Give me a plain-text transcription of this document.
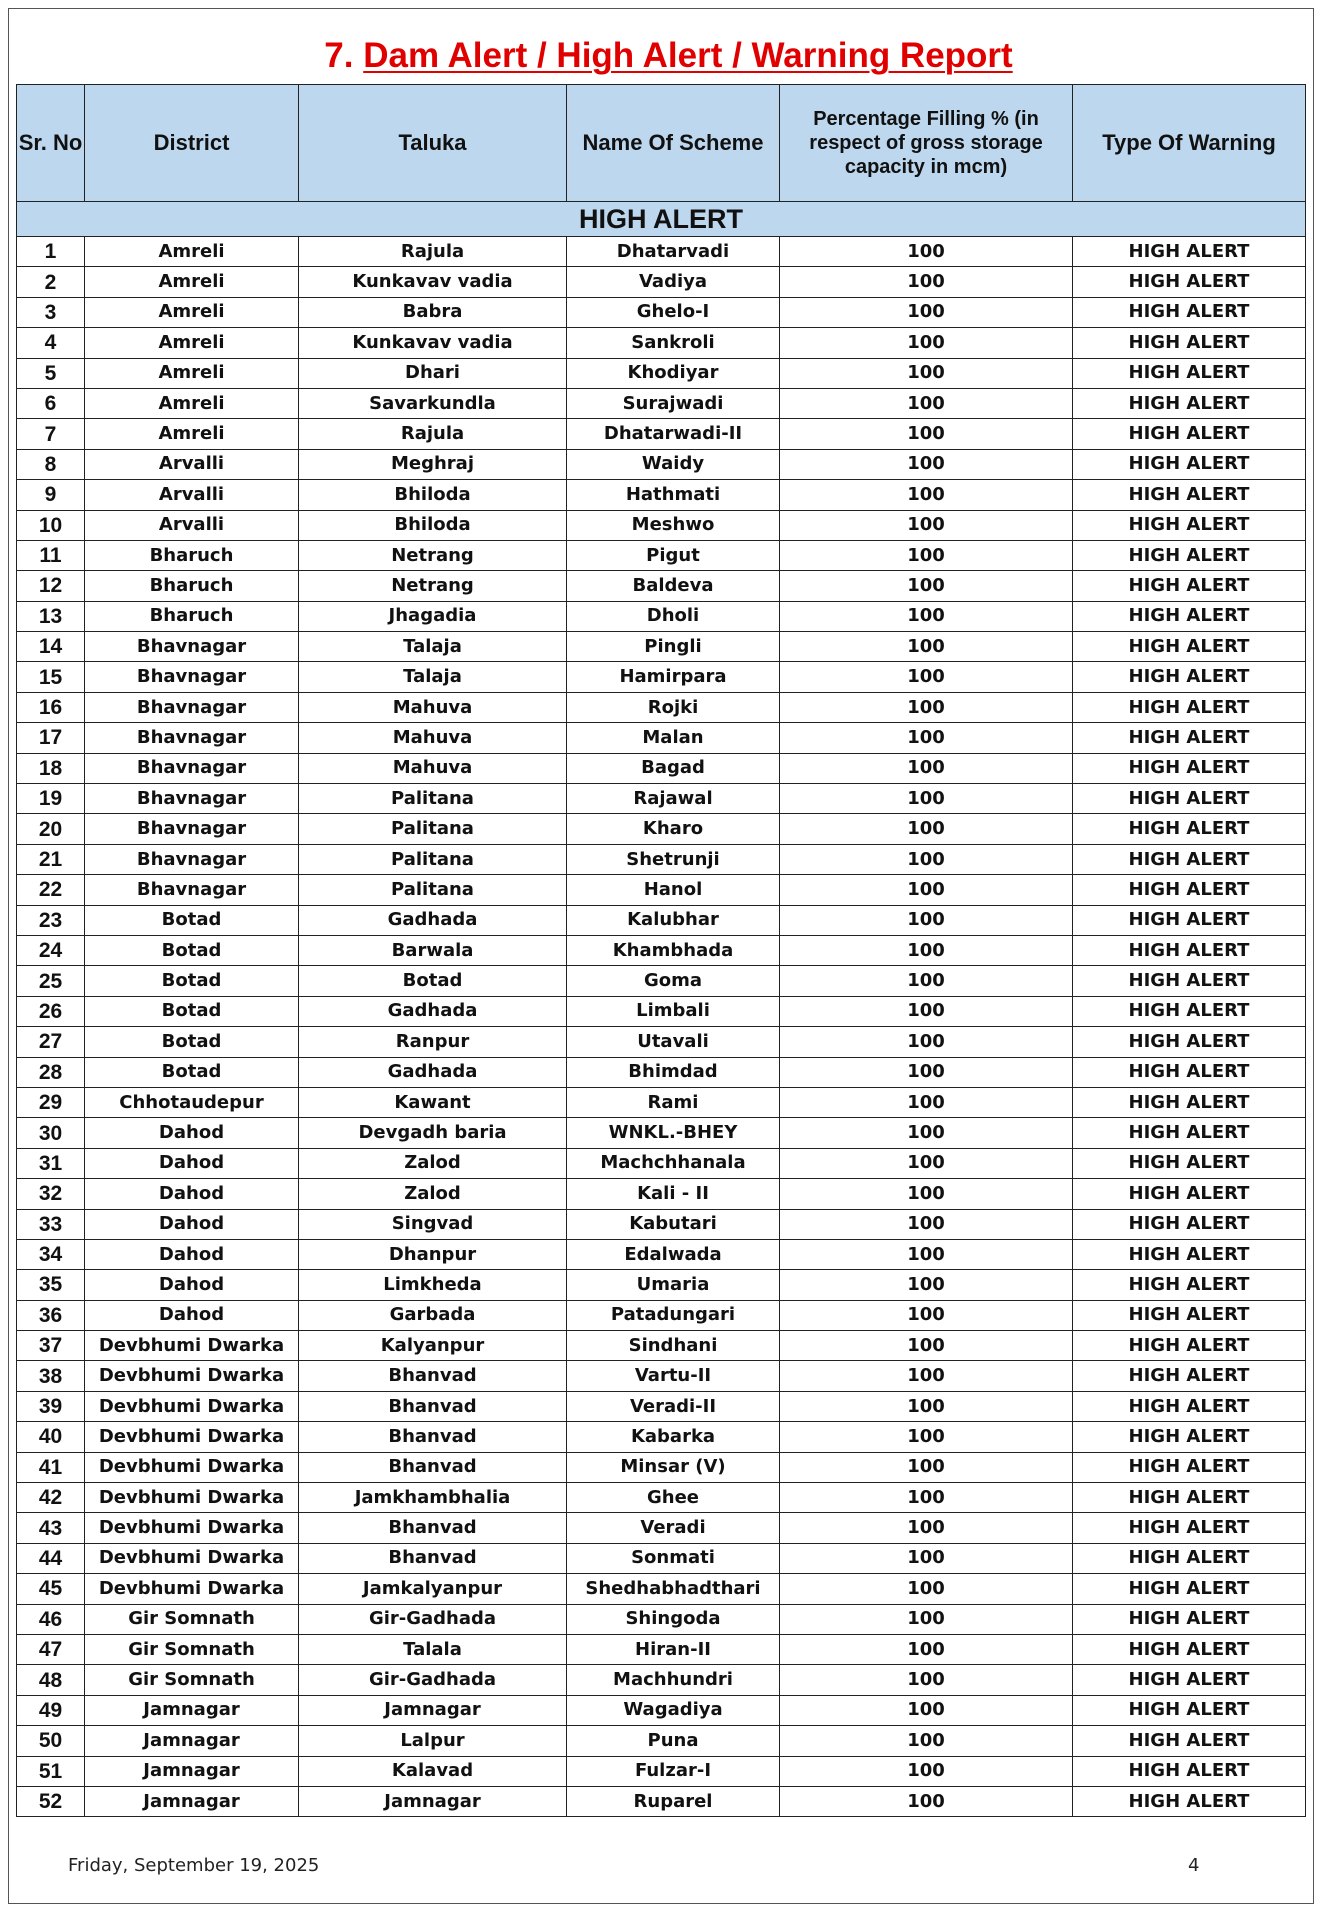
7. Dam Alert / High Alert / Warning Report
Sr. No	District	Taluka	Name Of Scheme	Percentage Filling % (in respect of gross storage capacity in mcm)	Type Of Warning
HIGH ALERT					
1	Amreli	Rajula	Dhatarvadi	100	HIGH ALERT
2	Amreli	Kunkavav vadia	Vadiya	100	HIGH ALERT
3	Amreli	Babra	Ghelo-I	100	HIGH ALERT
4	Amreli	Kunkavav vadia	Sankroli	100	HIGH ALERT
5	Amreli	Dhari	Khodiyar	100	HIGH ALERT
6	Amreli	Savarkundla	Surajwadi	100	HIGH ALERT
7	Amreli	Rajula	Dhatarwadi-II	100	HIGH ALERT
8	Arvalli	Meghraj	Waidy	100	HIGH ALERT
9	Arvalli	Bhiloda	Hathmati	100	HIGH ALERT
10	Arvalli	Bhiloda	Meshwo	100	HIGH ALERT
11	Bharuch	Netrang	Pigut	100	HIGH ALERT
12	Bharuch	Netrang	Baldeva	100	HIGH ALERT
13	Bharuch	Jhagadia	Dholi	100	HIGH ALERT
14	Bhavnagar	Talaja	Pingli	100	HIGH ALERT
15	Bhavnagar	Talaja	Hamirpara	100	HIGH ALERT
16	Bhavnagar	Mahuva	Rojki	100	HIGH ALERT
17	Bhavnagar	Mahuva	Malan	100	HIGH ALERT
18	Bhavnagar	Mahuva	Bagad	100	HIGH ALERT
19	Bhavnagar	Palitana	Rajawal	100	HIGH ALERT
20	Bhavnagar	Palitana	Kharo	100	HIGH ALERT
21	Bhavnagar	Palitana	Shetrunji	100	HIGH ALERT
22	Bhavnagar	Palitana	Hanol	100	HIGH ALERT
23	Botad	Gadhada	Kalubhar	100	HIGH ALERT
24	Botad	Barwala	Khambhada	100	HIGH ALERT
25	Botad	Botad	Goma	100	HIGH ALERT
26	Botad	Gadhada	Limbali	100	HIGH ALERT
27	Botad	Ranpur	Utavali	100	HIGH ALERT
28	Botad	Gadhada	Bhimdad	100	HIGH ALERT
29	Chhotaudepur	Kawant	Rami	100	HIGH ALERT
30	Dahod	Devgadh baria	WNKL.-BHEY	100	HIGH ALERT
31	Dahod	Zalod	Machchhanala	100	HIGH ALERT
32	Dahod	Zalod	Kali - II	100	HIGH ALERT
33	Dahod	Singvad	Kabutari	100	HIGH ALERT
34	Dahod	Dhanpur	Edalwada	100	HIGH ALERT
35	Dahod	Limkheda	Umaria	100	HIGH ALERT
36	Dahod	Garbada	Patadungari	100	HIGH ALERT
37	Devbhumi Dwarka	Kalyanpur	Sindhani	100	HIGH ALERT
38	Devbhumi Dwarka	Bhanvad	Vartu-II	100	HIGH ALERT
39	Devbhumi Dwarka	Bhanvad	Veradi-II	100	HIGH ALERT
40	Devbhumi Dwarka	Bhanvad	Kabarka	100	HIGH ALERT
41	Devbhumi Dwarka	Bhanvad	Minsar (V)	100	HIGH ALERT
42	Devbhumi Dwarka	Jamkhambhalia	Ghee	100	HIGH ALERT
43	Devbhumi Dwarka	Bhanvad	Veradi	100	HIGH ALERT
44	Devbhumi Dwarka	Bhanvad	Sonmati	100	HIGH ALERT
45	Devbhumi Dwarka	Jamkalyanpur	Shedhabhadthari	100	HIGH ALERT
46	Gir Somnath	Gir-Gadhada	Shingoda	100	HIGH ALERT
47	Gir Somnath	Talala	Hiran-II	100	HIGH ALERT
48	Gir Somnath	Gir-Gadhada	Machhundri	100	HIGH ALERT
49	Jamnagar	Jamnagar	Wagadiya	100	HIGH ALERT
50	Jamnagar	Lalpur	Puna	100	HIGH ALERT
51	Jamnagar	Kalavad	Fulzar-I	100	HIGH ALERT
52	Jamnagar	Jamnagar	Ruparel	100	HIGH ALERT
Friday, September 19, 2025	4
